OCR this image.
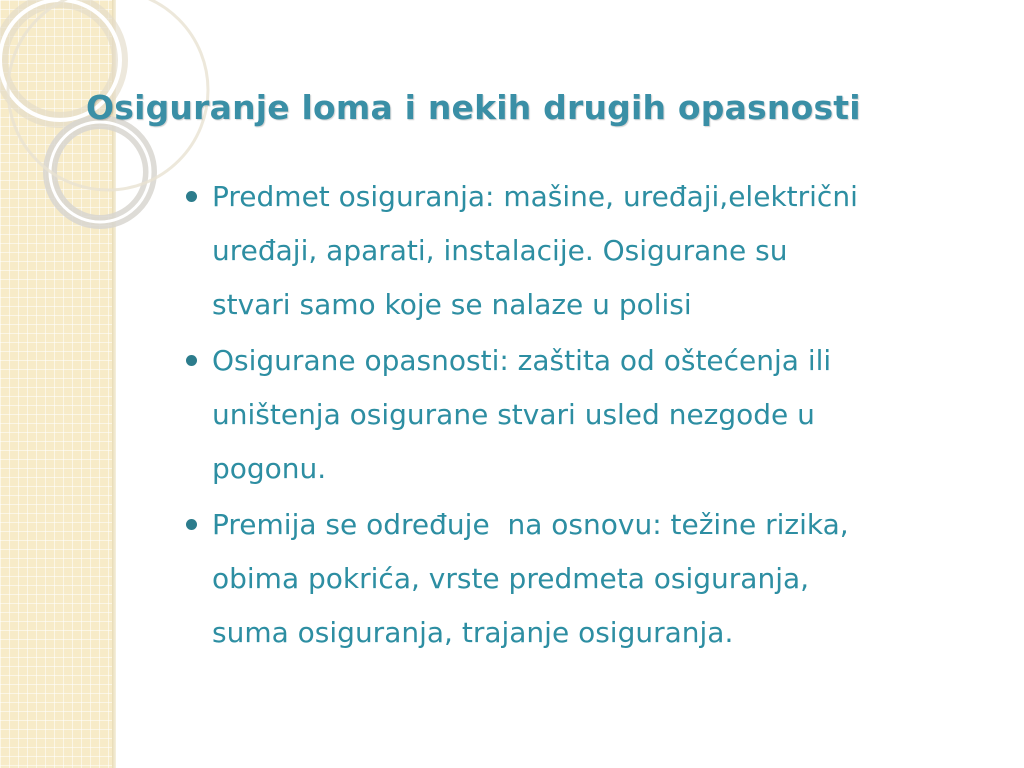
Osiguranje loma i nekih drugih opasnosti
Predmet osiguranja: mašine, uređaji,električni
uređaji, aparati, instalacije. Osigurane su
stvari samo koje se nalaze u polisi
Osigurane opasnosti: zaštita od oštećenja ili
uništenja osigurane stvari usled nezgode u
pogonu.
Premija se određuje  na osnovu: težine rizika,
obima pokrića, vrste predmeta osiguranja,
suma osiguranja, trajanje osiguranja.
